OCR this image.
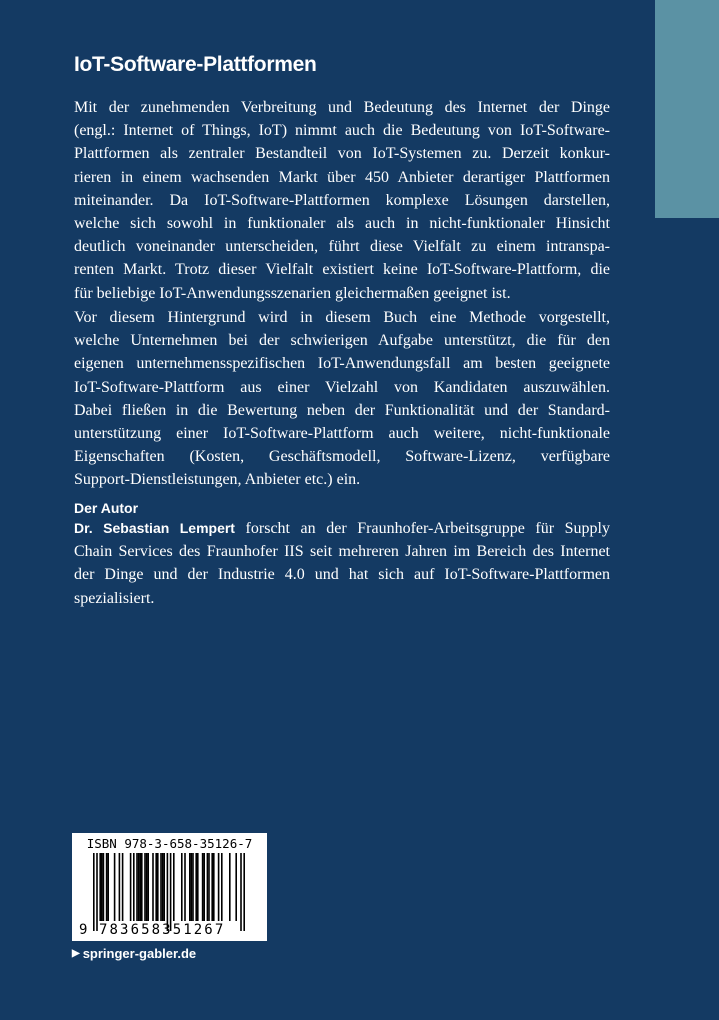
IoT-Software-Plattformen

Mit der zunehmenden Verbreitung und Bedeutung des Internet der Dinge
(engl.: Internet of Things, IoT) nimmt auch die Bedeutung von IoT-Software-
Plattformen als zentraler Bestandteil von IoT-Systemen zu. Derzeit konkur-
rieren in einem wachsenden Markt über 450 Anbieter derartiger Plattformen
miteinander. Da IoT-Software-Plattformen komplexe Lösungen darstellen,
welche sich sowohl in funktionaler als auch in nicht-funktionaler Hinsicht
deutlich voneinander unterscheiden, führt diese Vielfalt zu einem intranspa-
renten Markt. Trotz dieser Vielfalt existiert keine IoT-Software-Plattform, die
für beliebige IoT-Anwendungsszenarien gleichermaßen geeignet ist.

Vor diesem Hintergrund wird in diesem Buch eine Methode vorgestellt,
welche Unternehmen bei der schwierigen Aufgabe unterstützt, die für den
eigenen unternehmensspezifischen IoT-Anwendungsfall am besten geeignete
IoT-Software-Plattform aus einer Vielzahl von Kandidaten auszuwählen.
Dabei fließen in die Bewertung neben der Funktionalität und der Standard-
unterstützung einer IoT-Software-Plattform auch weitere, nicht-funktionale
Eigenschaften (Kosten, Geschäftsmodell, Software-Lizenz, verfügbare
Support-Dienstleistungen, Anbieter etc.) ein.

Der Autor

Dr. Sebastian Lempert forscht an der Fraunhofer-Arbeitsgruppe für Supply
Chain Services des Fraunhofer IIS seit mehreren Jahren im Bereich des Internet
der Dinge und der Industrie 4.0 und hat sich auf IoT-Software-Plattformen
spezialisiert.

ISBN 978-3-658-35126-7
9 783658351267
▶ springer-gabler.de
